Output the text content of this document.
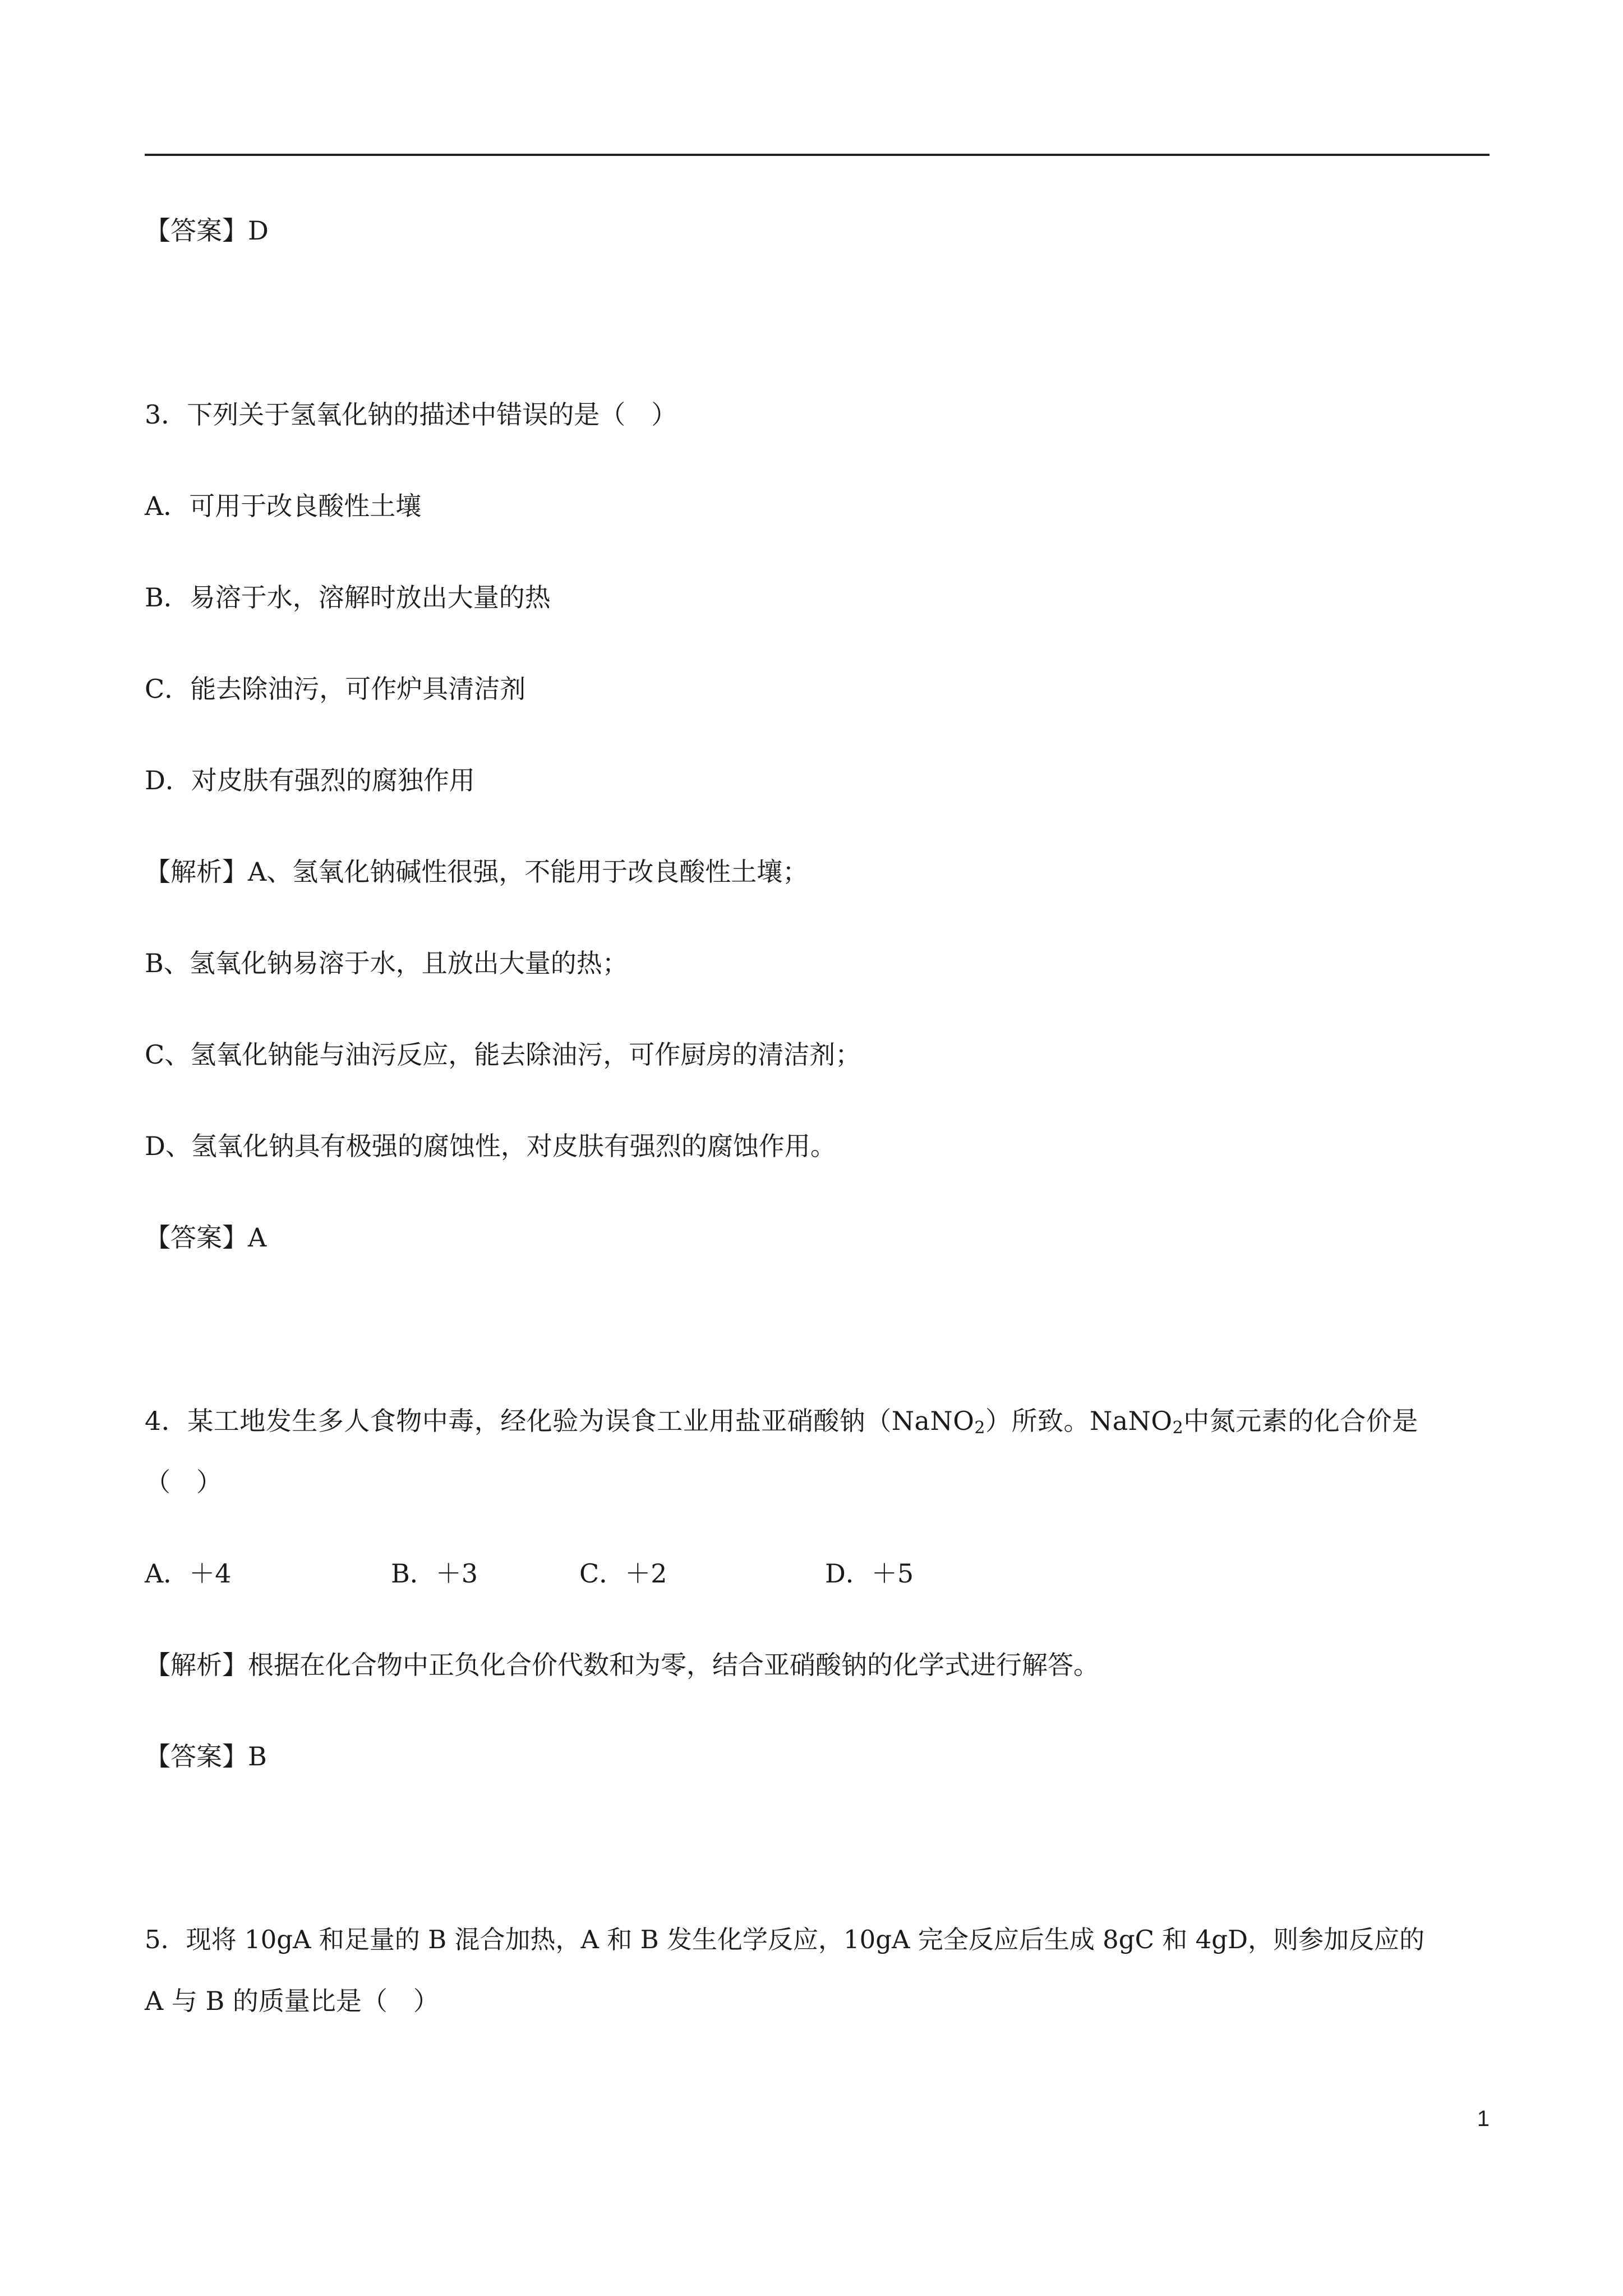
【答案】D
3．下列关于氢氧化钠的描述中错误的是（　）
A．可用于改良酸性土壤
B．易溶于水，溶解时放出大量的热
C．能去除油污，可作炉具清洁剂
D．对皮肤有强烈的腐独作用
【解析】A、氢氧化钠碱性很强，不能用于改良酸性土壤；
B、氢氧化钠易溶于水，且放出大量的热；
C、氢氧化钠能与油污反应，能去除油污，可作厨房的清洁剂；
D、氢氧化钠具有极强的腐蚀性，对皮肤有强烈的腐蚀作用。
【答案】A
4．某工地发生多人食物中毒，经化验为误食工业用盐亚硝酸钠（NaNO$_2$）所致。NaNO$_2$中氮元素的化合价是
（　）
A．＋4	B．＋3	C．＋2	D．＋5
【解析】根据在化合物中正负化合价代数和为零，结合亚硝酸钠的化学式进行解答。
【答案】B
5．现将 10gA 和足量的 B 混合加热，A 和 B 发生化学反应，10gA 完全反应后生成 8gC 和 4gD，则参加反应的
A 与 B 的质量比是（　）
1
